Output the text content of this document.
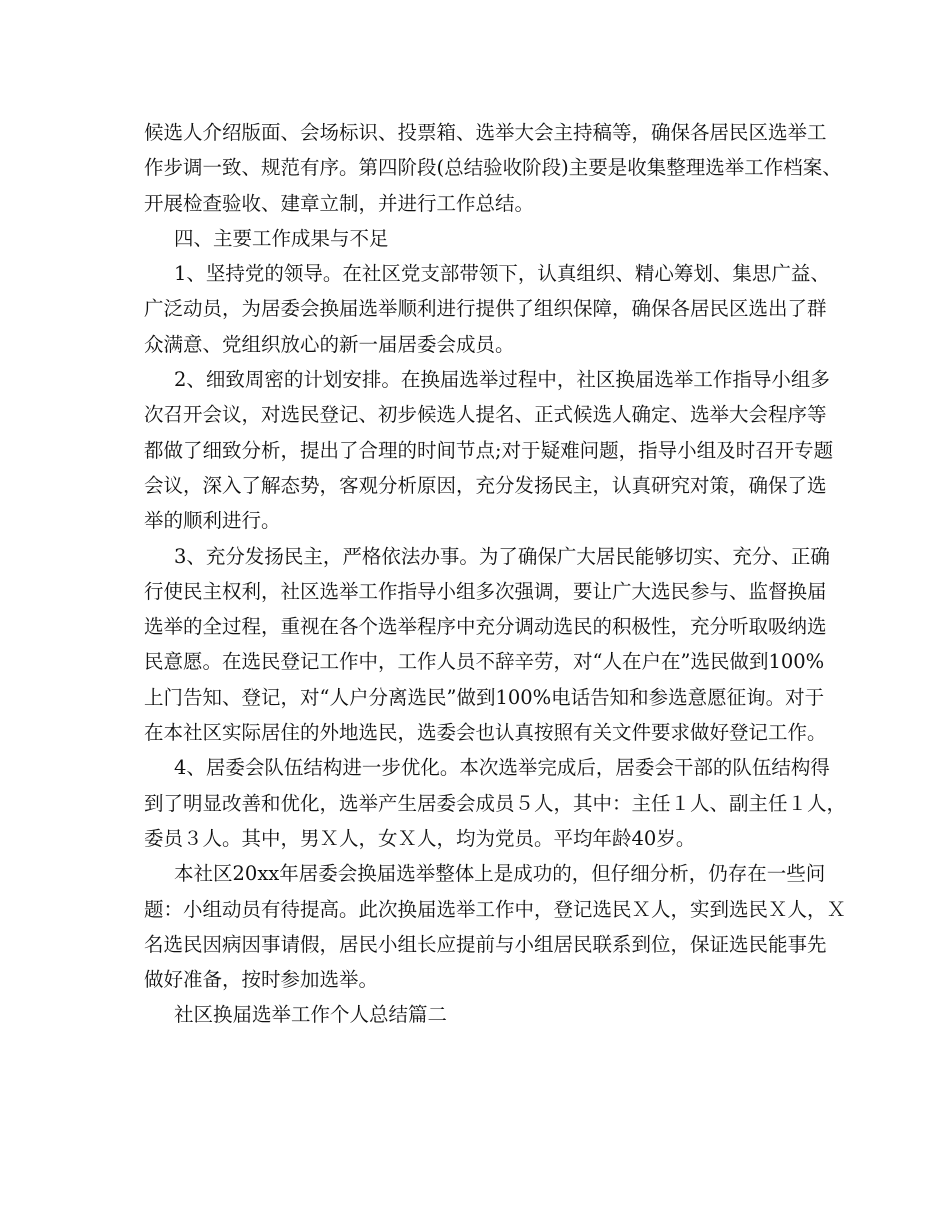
候选人介绍版面、会场标识、投票箱、选举大会主持稿等，确保各居民区选举工
作步调一致、规范有序。第四阶段(总结验收阶段)主要是收集整理选举工作档案、
开展检查验收、建章立制，并进行工作总结。
四、主要工作成果与不足
1、坚持党的领导。在社区党支部带领下，认真组织、精心筹划、集思广益、
广泛动员，为居委会换届选举顺利进行提供了组织保障，确保各居民区选出了群
众满意、党组织放心的新一届居委会成员。
2、细致周密的计划安排。在换届选举过程中，社区换届选举工作指导小组多
次召开会议，对选民登记、初步候选人提名、正式候选人确定、选举大会程序等
都做了细致分析，提出了合理的时间节点;对于疑难问题，指导小组及时召开专题
会议，深入了解态势，客观分析原因，充分发扬民主，认真研究对策，确保了选
举的顺利进行。
3、充分发扬民主，严格依法办事。为了确保广大居民能够切实、充分、正确
行使民主权利，社区选举工作指导小组多次强调，要让广大选民参与、监督换届
选举的全过程，重视在各个选举程序中充分调动选民的积极性，充分听取吸纳选
民意愿。在选民登记工作中，工作人员不辞辛劳，对“人在户在”选民做到100%
上门告知、登记，对“人户分离选民”做到100%电话告知和参选意愿征询。对于
在本社区实际居住的外地选民，选委会也认真按照有关文件要求做好登记工作。
4、居委会队伍结构进一步优化。本次选举完成后，居委会干部的队伍结构得
到了明显改善和优化，选举产生居委会成员５人，其中：主任１人、副主任１人，
委员３人。其中，男Ｘ人，女Ｘ人，均为党员。平均年龄40岁。
本社区20xx年居委会换届选举整体上是成功的，但仔细分析，仍存在一些问
题：小组动员有待提高。此次换届选举工作中，登记选民Ｘ人，实到选民Ｘ人，Ｘ
名选民因病因事请假，居民小组长应提前与小组居民联系到位，保证选民能事先
做好准备，按时参加选举。
社区换届选举工作个人总结篇二
